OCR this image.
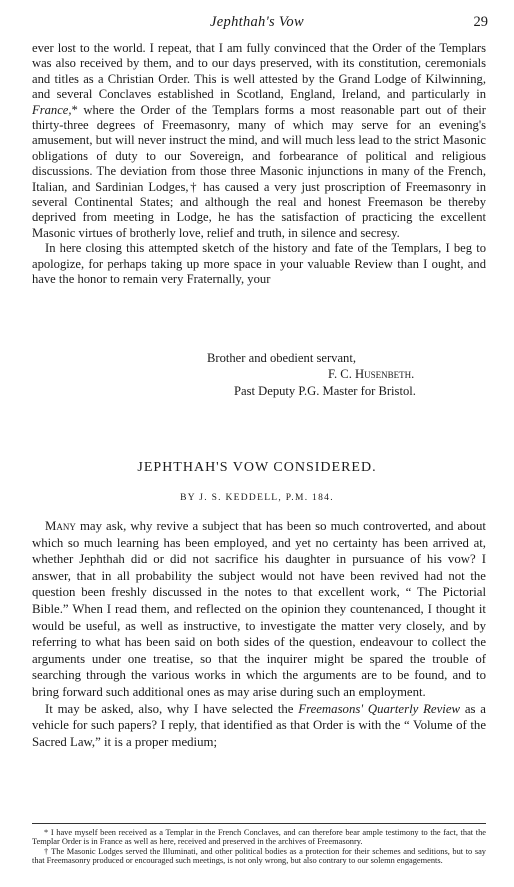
Jephthah's Vow	29

ever lost to the world. I repeat, that I am fully convinced that the Order of the Templars was also received by them, and to our days preserved, with its constitution, ceremonials and titles as a Christian Order. This is well attested by the Grand Lodge of Kilwinning, and several Conclaves established in Scotland, England, Ireland, and particularly in France,* where the Order of the Templars forms a most reasonable part out of their thirty-three degrees of Freemasonry, many of which may serve for an evening's amusement, but will never instruct the mind, and will much less lead to the strict Masonic obligations of duty to our Sovereign, and forbearance of political and religious discussions. The deviation from those three Masonic injunctions in many of the French, Italian, and Sardinian Lodges,† has caused a very just proscription of Freemasonry in several Continental States; and although the real and honest Freemason be thereby deprived from meeting in Lodge, he has the satisfaction of practicing the excellent Masonic virtues of brotherly love, relief and truth, in silence and secresy.

In here closing this attempted sketch of the history and fate of the Templars, I beg to apologize, for perhaps taking up more space in your valuable Review than I ought, and have the honor to remain very Fraternally, your

Brother and obedient servant,
F. C. Husenbeth.
Past Deputy P.G. Master for Bristol.
JEPHTHAH'S VOW CONSIDERED.
BY J. S. KEDDELL, P.M. 184.

Many may ask, why revive a subject that has been so much controverted, and about which so much learning has been employed, and yet no certainty has been arrived at, whether Jephthah did or did not sacrifice his daughter in pursuance of his vow? I answer, that in all probability the subject would not have been revived had not the question been freshly discussed in the notes to that excellent work, “ The Pictorial Bible.” When I read them, and reflected on the opinion they countenanced, I thought it would be useful, as well as instructive, to investigate the matter very closely, and by referring to what has been said on both sides of the question, endeavour to collect the arguments under one treatise, so that the inquirer might be spared the trouble of searching through the various works in which the arguments are to be found, and to bring forward such additional ones as may arise during such an employment.

It may be asked, also, why I have selected the Freemasons' Quarterly Review as a vehicle for such papers? I reply, that identified as that Order is with the “ Volume of the Sacred Law,” it is a proper medium;

* I have myself been received as a Templar in the French Conclaves, and can therefore bear ample testimony to the fact, that the Templar Order is in France as well as here, received and preserved in the archives of Freemasonry.

† The Masonic Lodges served the Illuminati, and other political bodies as a protection for their schemes and seditions, but to say that Freemasonry produced or encouraged such meetings, is not only wrong, but also contrary to our solemn engagements.
